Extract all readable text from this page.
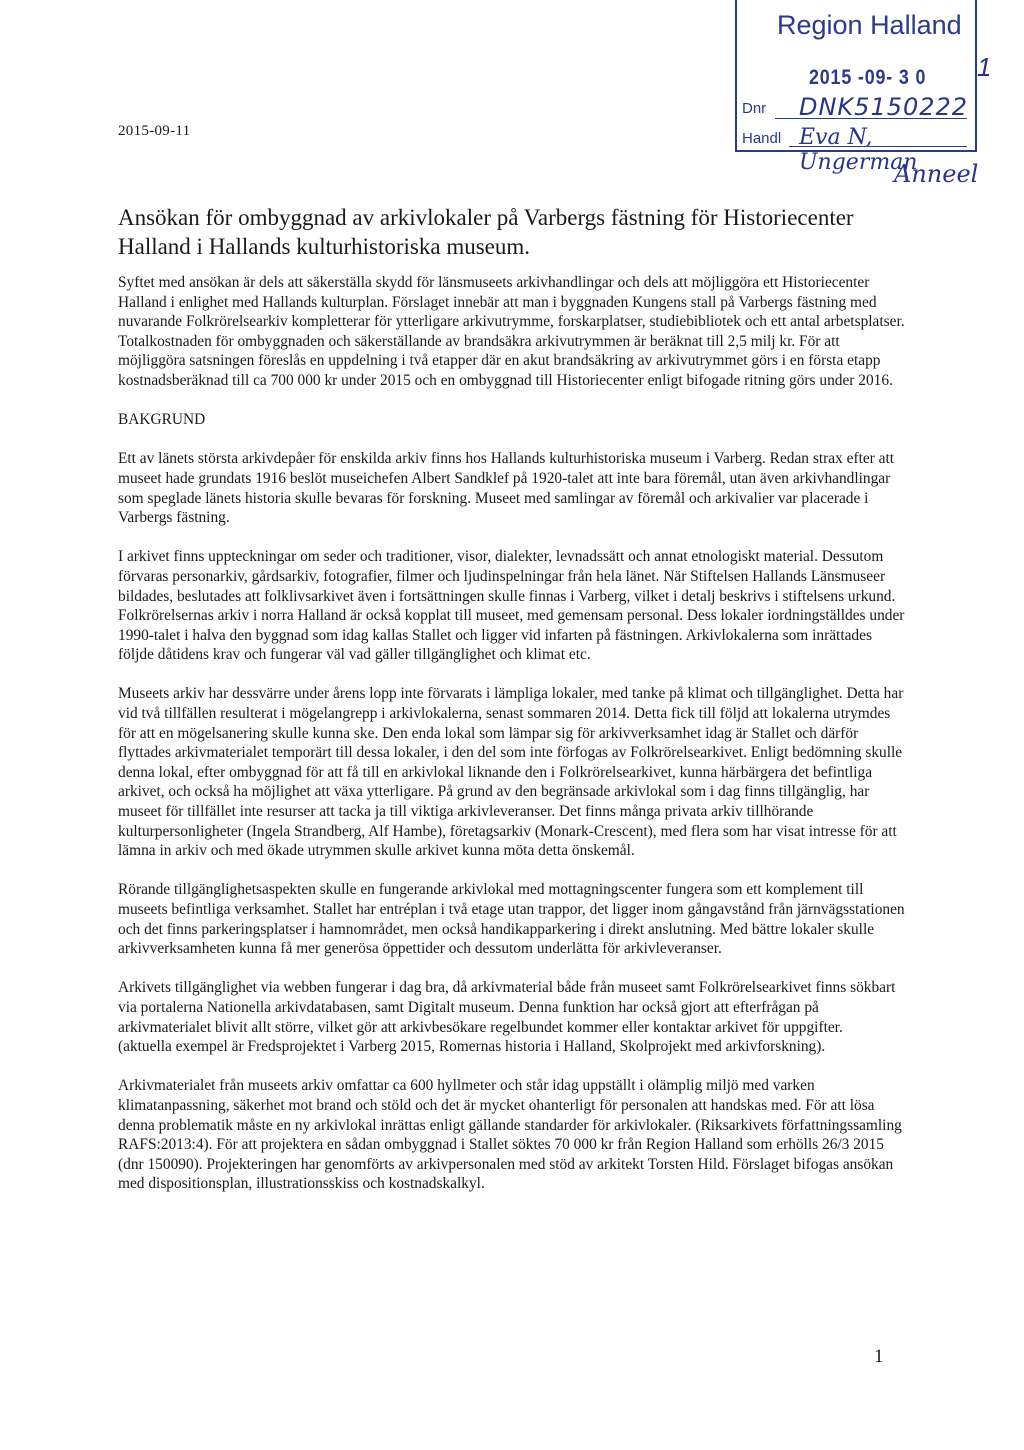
2015-09-11
Region Halland
2015 -09- 3 0
Dnr DNK5150222
Handl Eva N, Ungerman
1
Anneel
Ansökan för ombyggnad av arkivlokaler på Varbergs fästning för Historiecenter Halland i Hallands kulturhistoriska museum.

Syftet med ansökan är dels att säkerställa skydd för länsmuseets arkivhandlingar och dels att möjliggöra ett Historiecenter Halland i enlighet med Hallands kulturplan. Förslaget innebär att man i byggnaden Kungens stall på Varbergs fästning med nuvarande Folkrörelsearkiv kompletterar för ytterligare arkivutrymme, forskarplatser, studiebibliotek och ett antal arbetsplatser. Totalkostnaden för ombyggnaden och säkerställande av brandsäkra arkivutrymmen är beräknat till 2,5 milj kr. För att möjliggöra satsningen föreslås en uppdelning i två etapper där en akut brandsäkring av arkivutrymmet görs i en första etapp kostnadsberäknad till ca 700 000 kr under 2015 och en ombyggnad till Historiecenter enligt bifogade ritning görs under 2016.

BAKGRUND

Ett av länets största arkivdepåer för enskilda arkiv finns hos Hallands kulturhistoriska museum i Varberg. Redan strax efter att museet hade grundats 1916 beslöt museichefen Albert Sandklef på 1920-talet att inte bara föremål, utan även arkivhandlingar som speglade länets historia skulle bevaras för forskning. Museet med samlingar av föremål och arkivalier var placerade i Varbergs fästning.

I arkivet finns uppteckningar om seder och traditioner, visor, dialekter, levnadssätt och annat etnologiskt material. Dessutom förvaras personarkiv, gårdsarkiv, fotografier, filmer och ljudinspelningar från hela länet. När Stiftelsen Hallands Länsmuseer bildades, beslutades att folklivsarkivet även i fortsättningen skulle finnas i Varberg, vilket i detalj beskrivs i stiftelsens urkund. Folkrörelsernas arkiv i norra Halland är också kopplat till museet, med gemensam personal. Dess lokaler iordningställdes under 1990-talet i halva den byggnad som idag kallas Stallet och ligger vid infarten på fästningen. Arkivlokalerna som inrättades följde dåtidens krav och fungerar väl vad gäller tillgänglighet och klimat etc.

Museets arkiv har dessvärre under årens lopp inte förvarats i lämpliga lokaler, med tanke på klimat och tillgänglighet. Detta har vid två tillfällen resulterat i mögelangrepp i arkivlokalerna, senast sommaren 2014. Detta fick till följd att lokalerna utrymdes för att en mögelsanering skulle kunna ske. Den enda lokal som lämpar sig för arkivverksamhet idag är Stallet och därför flyttades arkivmaterialet temporärt till dessa lokaler, i den del som inte förfogas av Folkrörelsearkivet. Enligt bedömning skulle denna lokal, efter ombyggnad för att få till en arkivlokal liknande den i Folkrörelsearkivet, kunna härbärgera det befintliga arkivet, och också ha möjlighet att växa ytterligare. På grund av den begränsade arkivlokal som i dag finns tillgänglig, har museet för tillfället inte resurser att tacka ja till viktiga arkivleveranser. Det finns många privata arkiv tillhörande kulturpersonligheter (Ingela Strandberg, Alf Hambe), företagsarkiv (Monark-Crescent), med flera som har visat intresse för att lämna in arkiv och med ökade utrymmen skulle arkivet kunna möta detta önskemål.

Rörande tillgänglighetsaspekten skulle en fungerande arkivlokal med mottagningscenter fungera som ett komplement till museets befintliga verksamhet. Stallet har entréplan i två etage utan trappor, det ligger inom gångavstånd från järnvägsstationen och det finns parkeringsplatser i hamnområdet, men också handikapparkering i direkt anslutning. Med bättre lokaler skulle arkivverksamheten kunna få mer generösa öppettider och dessutom underlätta för arkivleveranser.

Arkivets tillgänglighet via webben fungerar i dag bra, då arkivmaterial både från museet samt Folkrörelsearkivet finns sökbart via portalerna Nationella arkivdatabasen, samt Digitalt museum. Denna funktion har också gjort att efterfrågan på arkivmaterialet blivit allt större, vilket gör att arkivbesökare regelbundet kommer eller kontaktar arkivet för uppgifter.

(aktuella exempel är Fredsprojektet i Varberg 2015, Romernas historia i Halland, Skolprojekt med arkivforskning).

Arkivmaterialet från museets arkiv omfattar ca 600 hyllmeter och står idag uppställt i olämplig miljö med varken klimatanpassning, säkerhet mot brand och stöld och det är mycket ohanterligt för personalen att handskas med. För att lösa denna problematik måste en ny arkivlokal inrättas enligt gällande standarder för arkivlokaler. (Riksarkivets författningssamling RAFS:2013:4). För att projektera en sådan ombyggnad i Stallet söktes 70 000 kr från Region Halland som erhölls 26/3 2015 (dnr 150090). Projekteringen har genomförts av arkivpersonalen med stöd av arkitekt Torsten Hild. Förslaget bifogas ansökan med dispositionsplan, illustrationsskiss och kostnadskalkyl.

1
